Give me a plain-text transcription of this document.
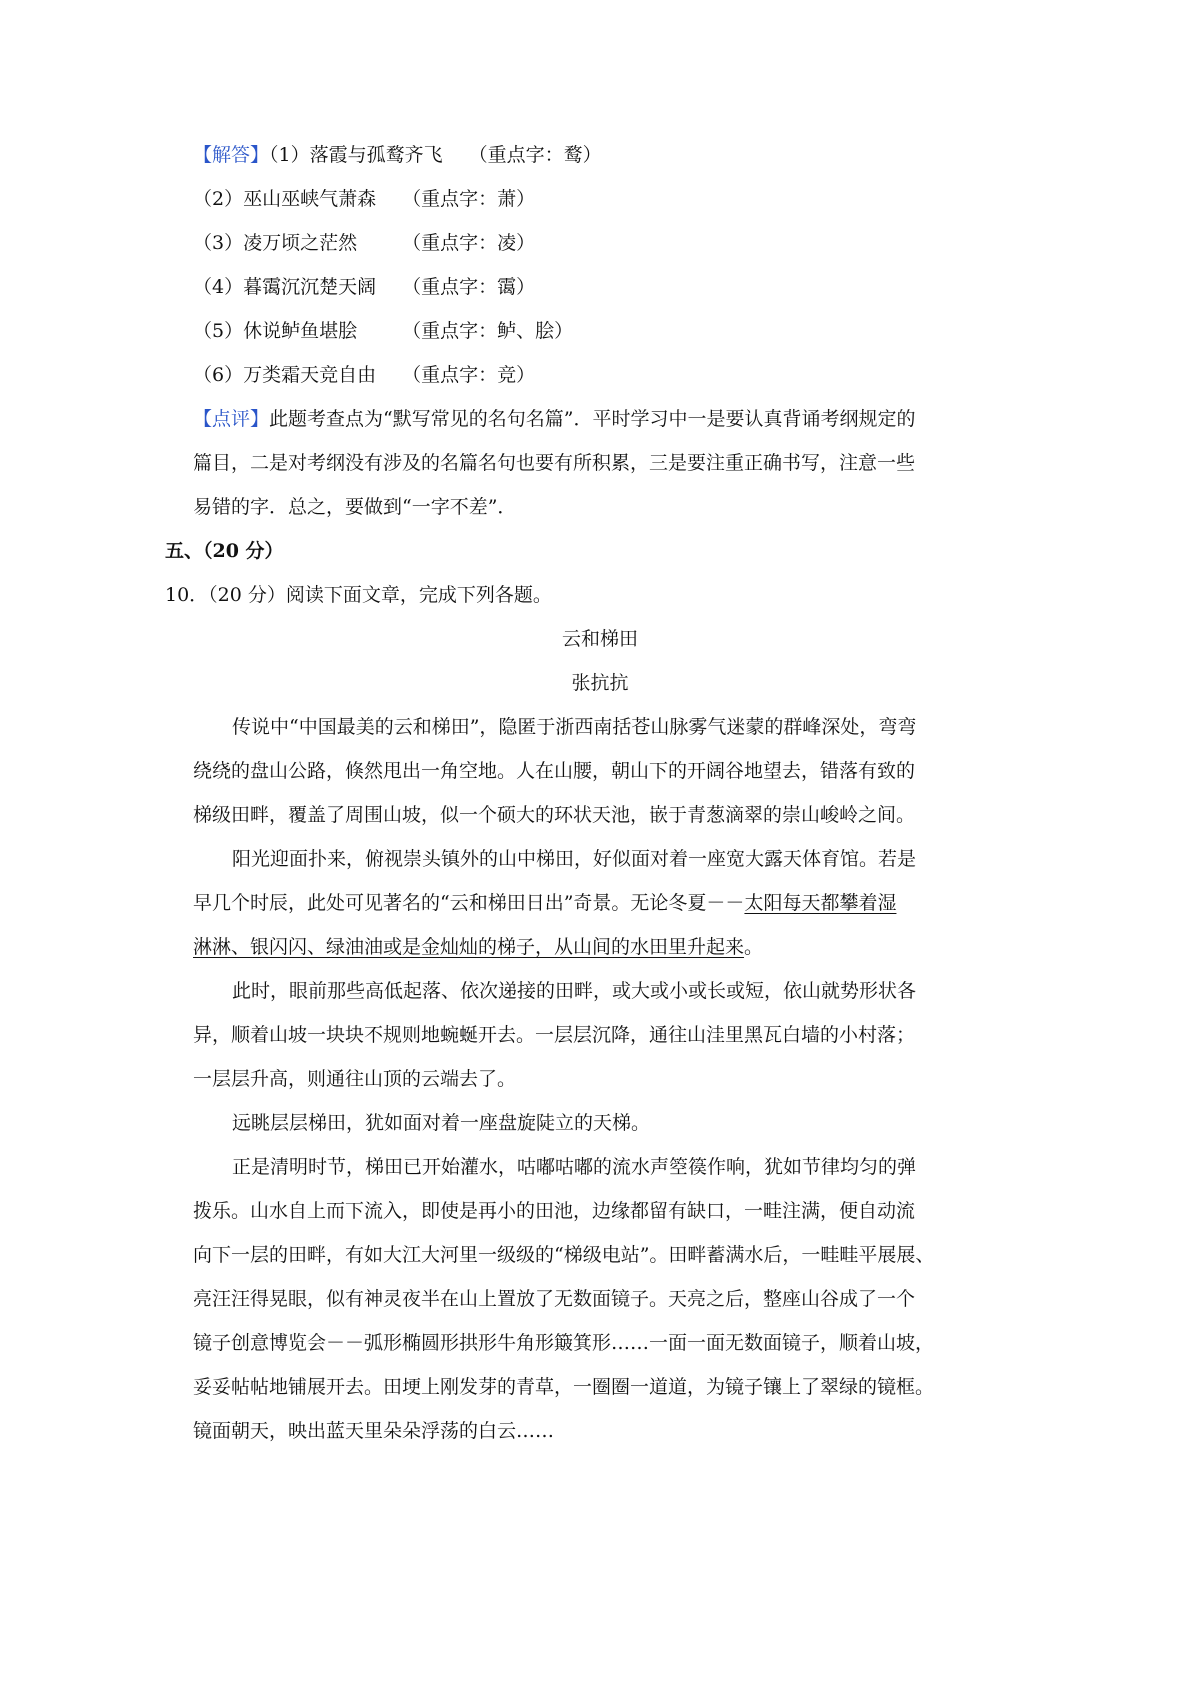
【解答】（1）落霞与孤鹜齐飞 （重点字：鹜）
（2）巫山巫峡气萧森 （重点字：萧）
（3）凌万顷之茫然 （重点字：凌）
（4）暮霭沉沉楚天阔 （重点字：霭）
（5）休说鲈鱼堪脍 （重点字：鲈、脍）
（6）万类霜天竞自由 （重点字：竞）
【点评】此题考查点为“默写常见的名句名篇”．平时学习中一是要认真背诵考纲规定的
篇目，二是对考纲没有涉及的名篇名句也要有所积累，三是要注重正确书写，注意一些
易错的字．总之，要做到“一字不差”．
五、（20 分）
10．（20 分）阅读下面文章，完成下列各题。
云和梯田
张抗抗
传说中“中国最美的云和梯田”，隐匿于浙西南括苍山脉雾气迷蒙的群峰深处，弯弯
绕绕的盘山公路，倏然甩出一角空地。人在山腰，朝山下的开阔谷地望去，错落有致的
梯级田畔，覆盖了周围山坡，似一个硕大的环状天池，嵌于青葱滴翠的崇山峻岭之间。
阳光迎面扑来，俯视崇头镇外的山中梯田，好似面对着一座宽大露天体育馆。若是
早几个时辰，此处可见著名的“云和梯田日出”奇景。无论冬夏－－太阳每天都攀着湿
淋淋、银闪闪、绿油油或是金灿灿的梯子，从山间的水田里升起来。
此时，眼前那些高低起落、依次递接的田畔，或大或小或长或短，依山就势形状各
异，顺着山坡一块块不规则地蜿蜒开去。一层层沉降，通往山洼里黑瓦白墙的小村落；
一层层升高，则通往山顶的云端去了。
远眺层层梯田，犹如面对着一座盘旋陡立的天梯。
正是清明时节，梯田已开始灌水，咕嘟咕嘟的流水声箜篌作响，犹如节律均匀的弹
拨乐。山水自上而下流入，即使是再小的田池，边缘都留有缺口，一畦注满，便自动流
向下一层的田畔，有如大江大河里一级级的“梯级电站”。田畔蓄满水后，一畦畦平展展、
亮汪汪得晃眼，似有神灵夜半在山上置放了无数面镜子。天亮之后，整座山谷成了一个
镜子创意博览会－－弧形椭圆形拱形牛角形簸箕形……一面一面无数面镜子，顺着山坡，
妥妥帖帖地铺展开去。田埂上刚发芽的青草，一圈圈一道道，为镜子镶上了翠绿的镜框。
镜面朝天，映出蓝天里朵朵浮荡的白云……
